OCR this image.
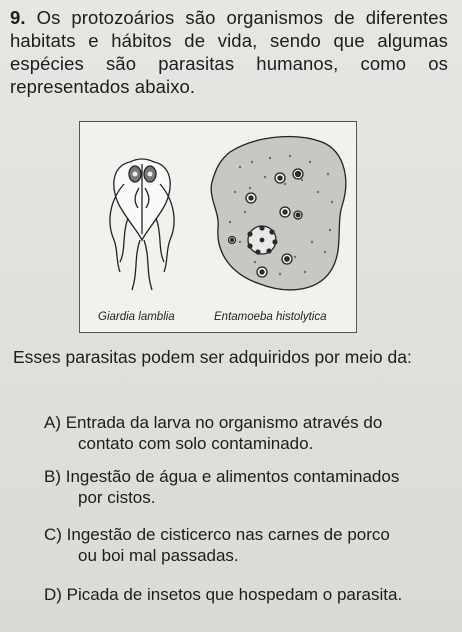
9. Os protozoários são organismos de diferentes habitats e hábitos de vida, sendo que algumas espécies são parasitas humanos, como os representados abaixo.
Giardia lamblia	Entamoeba histolytica
Esses parasitas podem ser adquiridos por meio da:
A) Entrada da larva no organismo através do
contato com solo contaminado.
B) Ingestão de água e alimentos contaminados
por cistos.
C) Ingestão de cisticerco nas carnes de porco
ou boi mal passadas.
D) Picada de insetos que hospedam o parasita.
